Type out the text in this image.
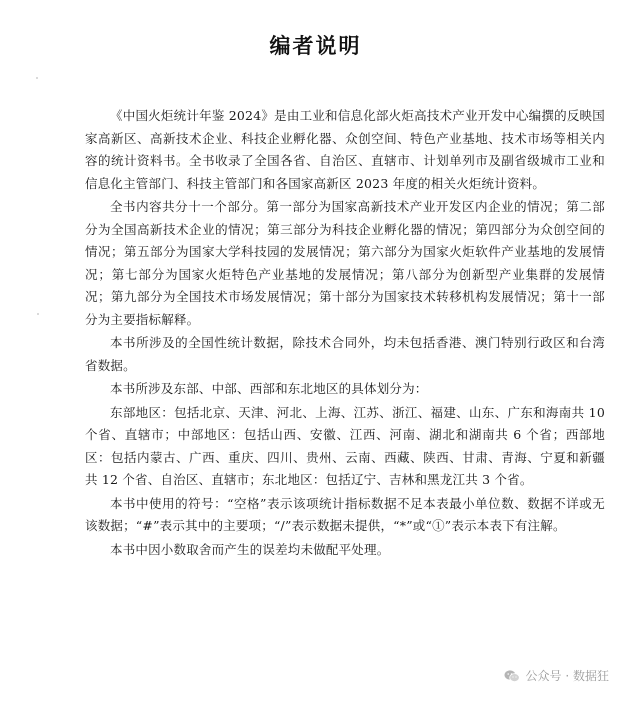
编者说明

《中国火炬统计年鉴 2024》是由工业和信息化部火炬高技术产业开发中心编撰的反映国家高新区、高新技术企业、科技企业孵化器、众创空间、特色产业基地、技术市场等相关内容的统计资料书。全书收录了全国各省、自治区、直辖市、计划单列市及副省级城市工业和信息化主管部门、科技主管部门和各国家高新区 2023 年度的相关火炬统计资料。

全书内容共分十一个部分。第一部分为国家高新技术产业开发区内企业的情况；第二部分为全国高新技术企业的情况；第三部分为科技企业孵化器的情况；第四部分为众创空间的情况；第五部分为国家大学科技园的发展情况；第六部分为国家火炬软件产业基地的发展情况；第七部分为国家火炬特色产业基地的发展情况；第八部分为创新型产业集群的发展情况；第九部分为全国技术市场发展情况；第十部分为国家技术转移机构发展情况；第十一部分为主要指标解释。

本书所涉及的全国性统计数据，除技术合同外，均未包括香港、澳门特别行政区和台湾省数据。

本书所涉及东部、中部、西部和东北地区的具体划分为：

东部地区：包括北京、天津、河北、上海、江苏、浙江、福建、山东、广东和海南共 10 个省、直辖市；中部地区：包括山西、安徽、江西、河南、湖北和湖南共 6 个省；西部地区：包括内蒙古、广西、重庆、四川、贵州、云南、西藏、陕西、甘肃、青海、宁夏和新疆共 12 个省、自治区、直辖市；东北地区：包括辽宁、吉林和黑龙江共 3 个省。

本书中使用的符号：“空格”表示该项统计指标数据不足本表最小单位数、数据不详或无该数据；“#”表示其中的主要项；“/”表示数据未提供，“*”或“①”表示本表下有注解。

本书中因小数取舍而产生的误差均未做配平处理。

公众号 · 数据狂
